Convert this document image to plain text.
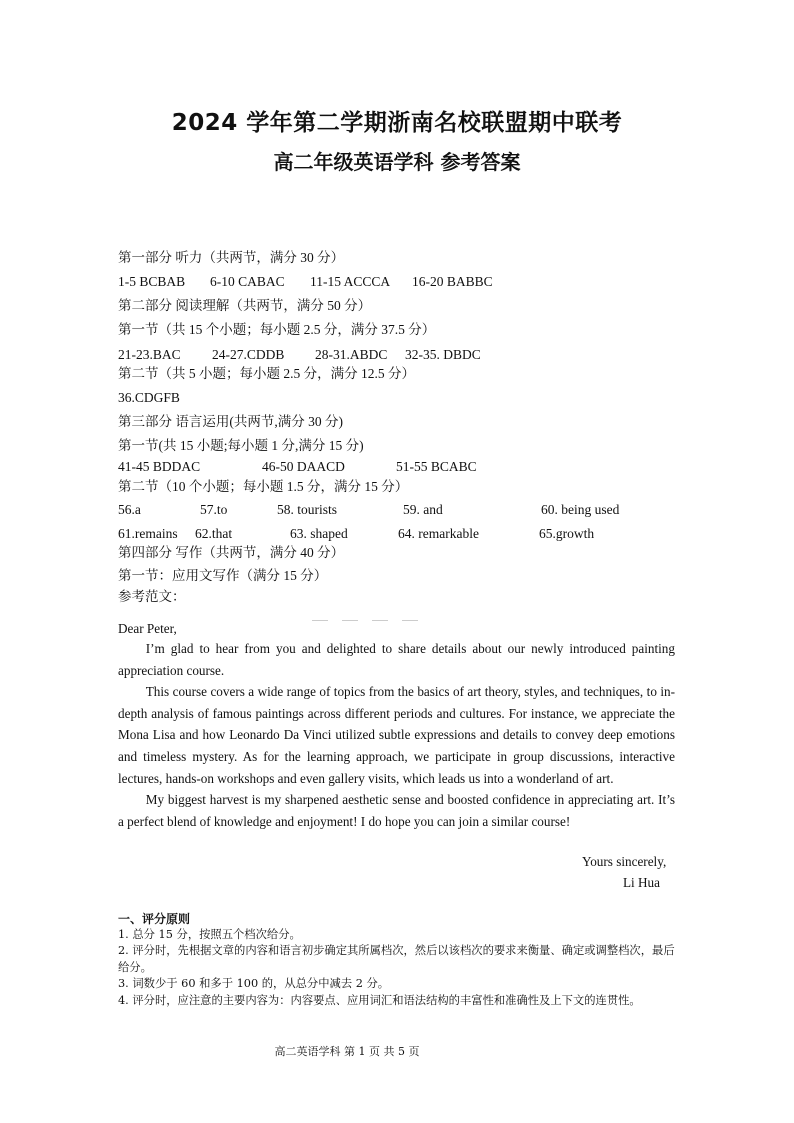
2024 学年第二学期浙南名校联盟期中联考
高二年级英语学科 参考答案
第一部分 听力（共两节，满分 30 分）
1-5 BCBAB 6-10 CABAC 11-15 ACCCA 16-20 BABBC
第二部分 阅读理解（共两节，满分 50 分）
第一节（共 15 个小题；每小题 2.5 分，满分 37.5 分）
21-23.BAC 24-27.CDDB 28-31.ABDC 32-35. DBDC
第二节（共 5 小题；每小题 2.5 分，满分 12.5 分）
36.CDGFB
第三部分 语言运用(共两节,满分 30 分)
第一节(共 15 小题;每小题 1 分,满分 15 分)
41-45 BDDAC	46-50 DAACD	51-55 BCABC
第二节（10 个小题；每小题 1.5 分，满分 15 分）
56.a	57.to	58. tourists	59. and	60. being used
61.remains 62.that	63. shaped	64. remarkable	65.growth
第四部分 写作（共两节，满分 40 分）
第一节：应用文写作（满分 15 分）
参考范文：
Dear Peter,

I’m glad to hear from you and delighted to share details about our newly introduced painting appreciation course.

This course covers a wide range of topics from the basics of art theory, styles, and techniques, to in-depth analysis of famous paintings across different periods and cultures. For instance, we appreciate the Mona Lisa and how Leonardo Da Vinci utilized subtle expressions and details to convey deep emotions and timeless mystery. As for the learning approach, we participate in group discussions, interactive lectures, hands-on workshops and even gallery visits, which leads us into a wonderland of art.

My biggest harvest is my sharpened aesthetic sense and boosted confidence in appreciating art. It’s a perfect blend of knowledge and enjoyment! I do hope you can join a similar course!

Yours sincerely,
Li Hua
一、评分原则
1. 总分 15 分，按照五个档次给分。
2. 评分时，先根据文章的内容和语言初步确定其所属档次，然后以该档次的要求来衡量、确定或调整档次，最后给分。
3. 词数少于 60 和多于 100 的，从总分中减去 2 分。
4. 评分时，应注意的主要内容为：内容要点、应用词汇和语法结构的丰富性和准确性及上下文的连贯性。
高二英语学科 第 1 页 共 5 页
